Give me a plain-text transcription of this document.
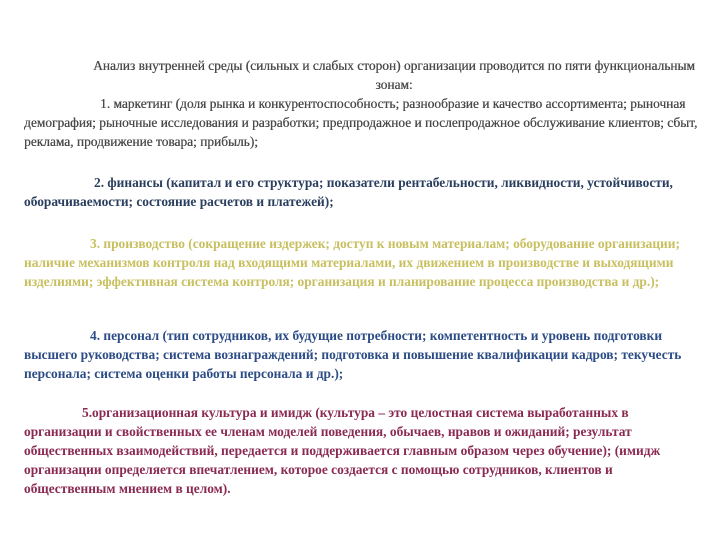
Анализ внутренней среды (сильных и слабых сторон) организации проводится по пяти функциональным зонам:
1. маркетинг (доля рынка и конкурентоспособность; разнообразие и качество ассортимента; рыночная демография; рыночные исследования и разработки; предпродажное и послепродажное обслуживание клиентов; сбыт, реклама, продвижение товара; прибыль);
2. финансы (капитал и его структура; показатели рентабельности, ликвидности, устойчивости, оборачиваемости; состояние расчетов и платежей);
3. производство (сокращение издержек; доступ к новым материалам; оборудование организации; наличие механизмов контроля над входящими материалами, их движением в производстве и выходящими изделиями; эффективная система контроля; организация и планирование процесса производства и др.);
4. персонал (тип сотрудников, их будущие потребности; компетентность и уровень подготовки высшего руководства; система вознаграждений; подготовка и повышение квалификации кадров; текучесть персонала; система оценки работы персонала и др.);
5.организационная культура и имидж (культура – это целостная система выработанных в организации и свойственных ее членам моделей поведения, обычаев, нравов и ожиданий; результат общественных взаимодействий, передается и поддерживается главным образом через обучение); (имидж организации определяется впечатлением, которое создается с помощью сотрудников, клиентов и общественным мнением в целом).
